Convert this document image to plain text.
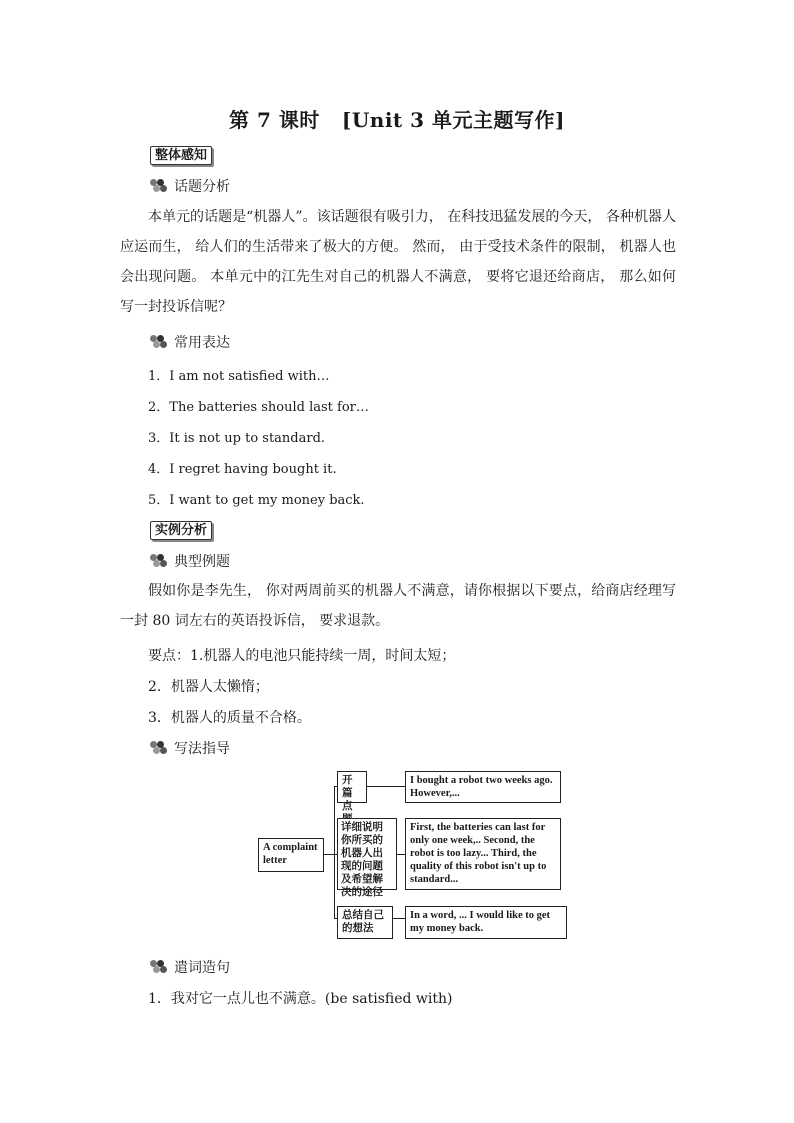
第 7 课时 [Unit 3 单元主题写作]
整体感知
话题分析
本单元的话题是“机器人”。该话题很有吸引力， 在科技迅猛发展的今天， 各种机器人应运而生， 给人们的生活带来了极大的方便。 然而， 由于受技术条件的限制， 机器人也会出现问题。 本单元中的江先生对自己的机器人不满意， 要将它退还给商店， 那么如何写一封投诉信呢？
常用表达
1．I am not satisfied with…
2．The batteries should last for…
3．It is not up to standard.
4．I regret having bought it.
5．I want to get my money back.
实例分析
典型例题
假如你是李先生， 你对两周前买的机器人不满意，请你根据以下要点，给商店经理写一封 80 词左右的英语投诉信， 要求退款。
要点：1.机器人的电池只能持续一周，时间太短；
2．机器人太懒惰；
3．机器人的质量不合格。
写法指导
A complaint letter
开篇点
I bought a robot two weeks ago. However,...
详细说明你所买的机器人出现的问题及希望解决的途径
First, the batteries can last for only one week,.. Second, the robot is too lazy... Third, the quality of this robot isn't up to standard...
总结自己的想法
In a word, ... I would like to get my money back.
遣词造句
1．我对它一点儿也不满意。(be satisfied with)
